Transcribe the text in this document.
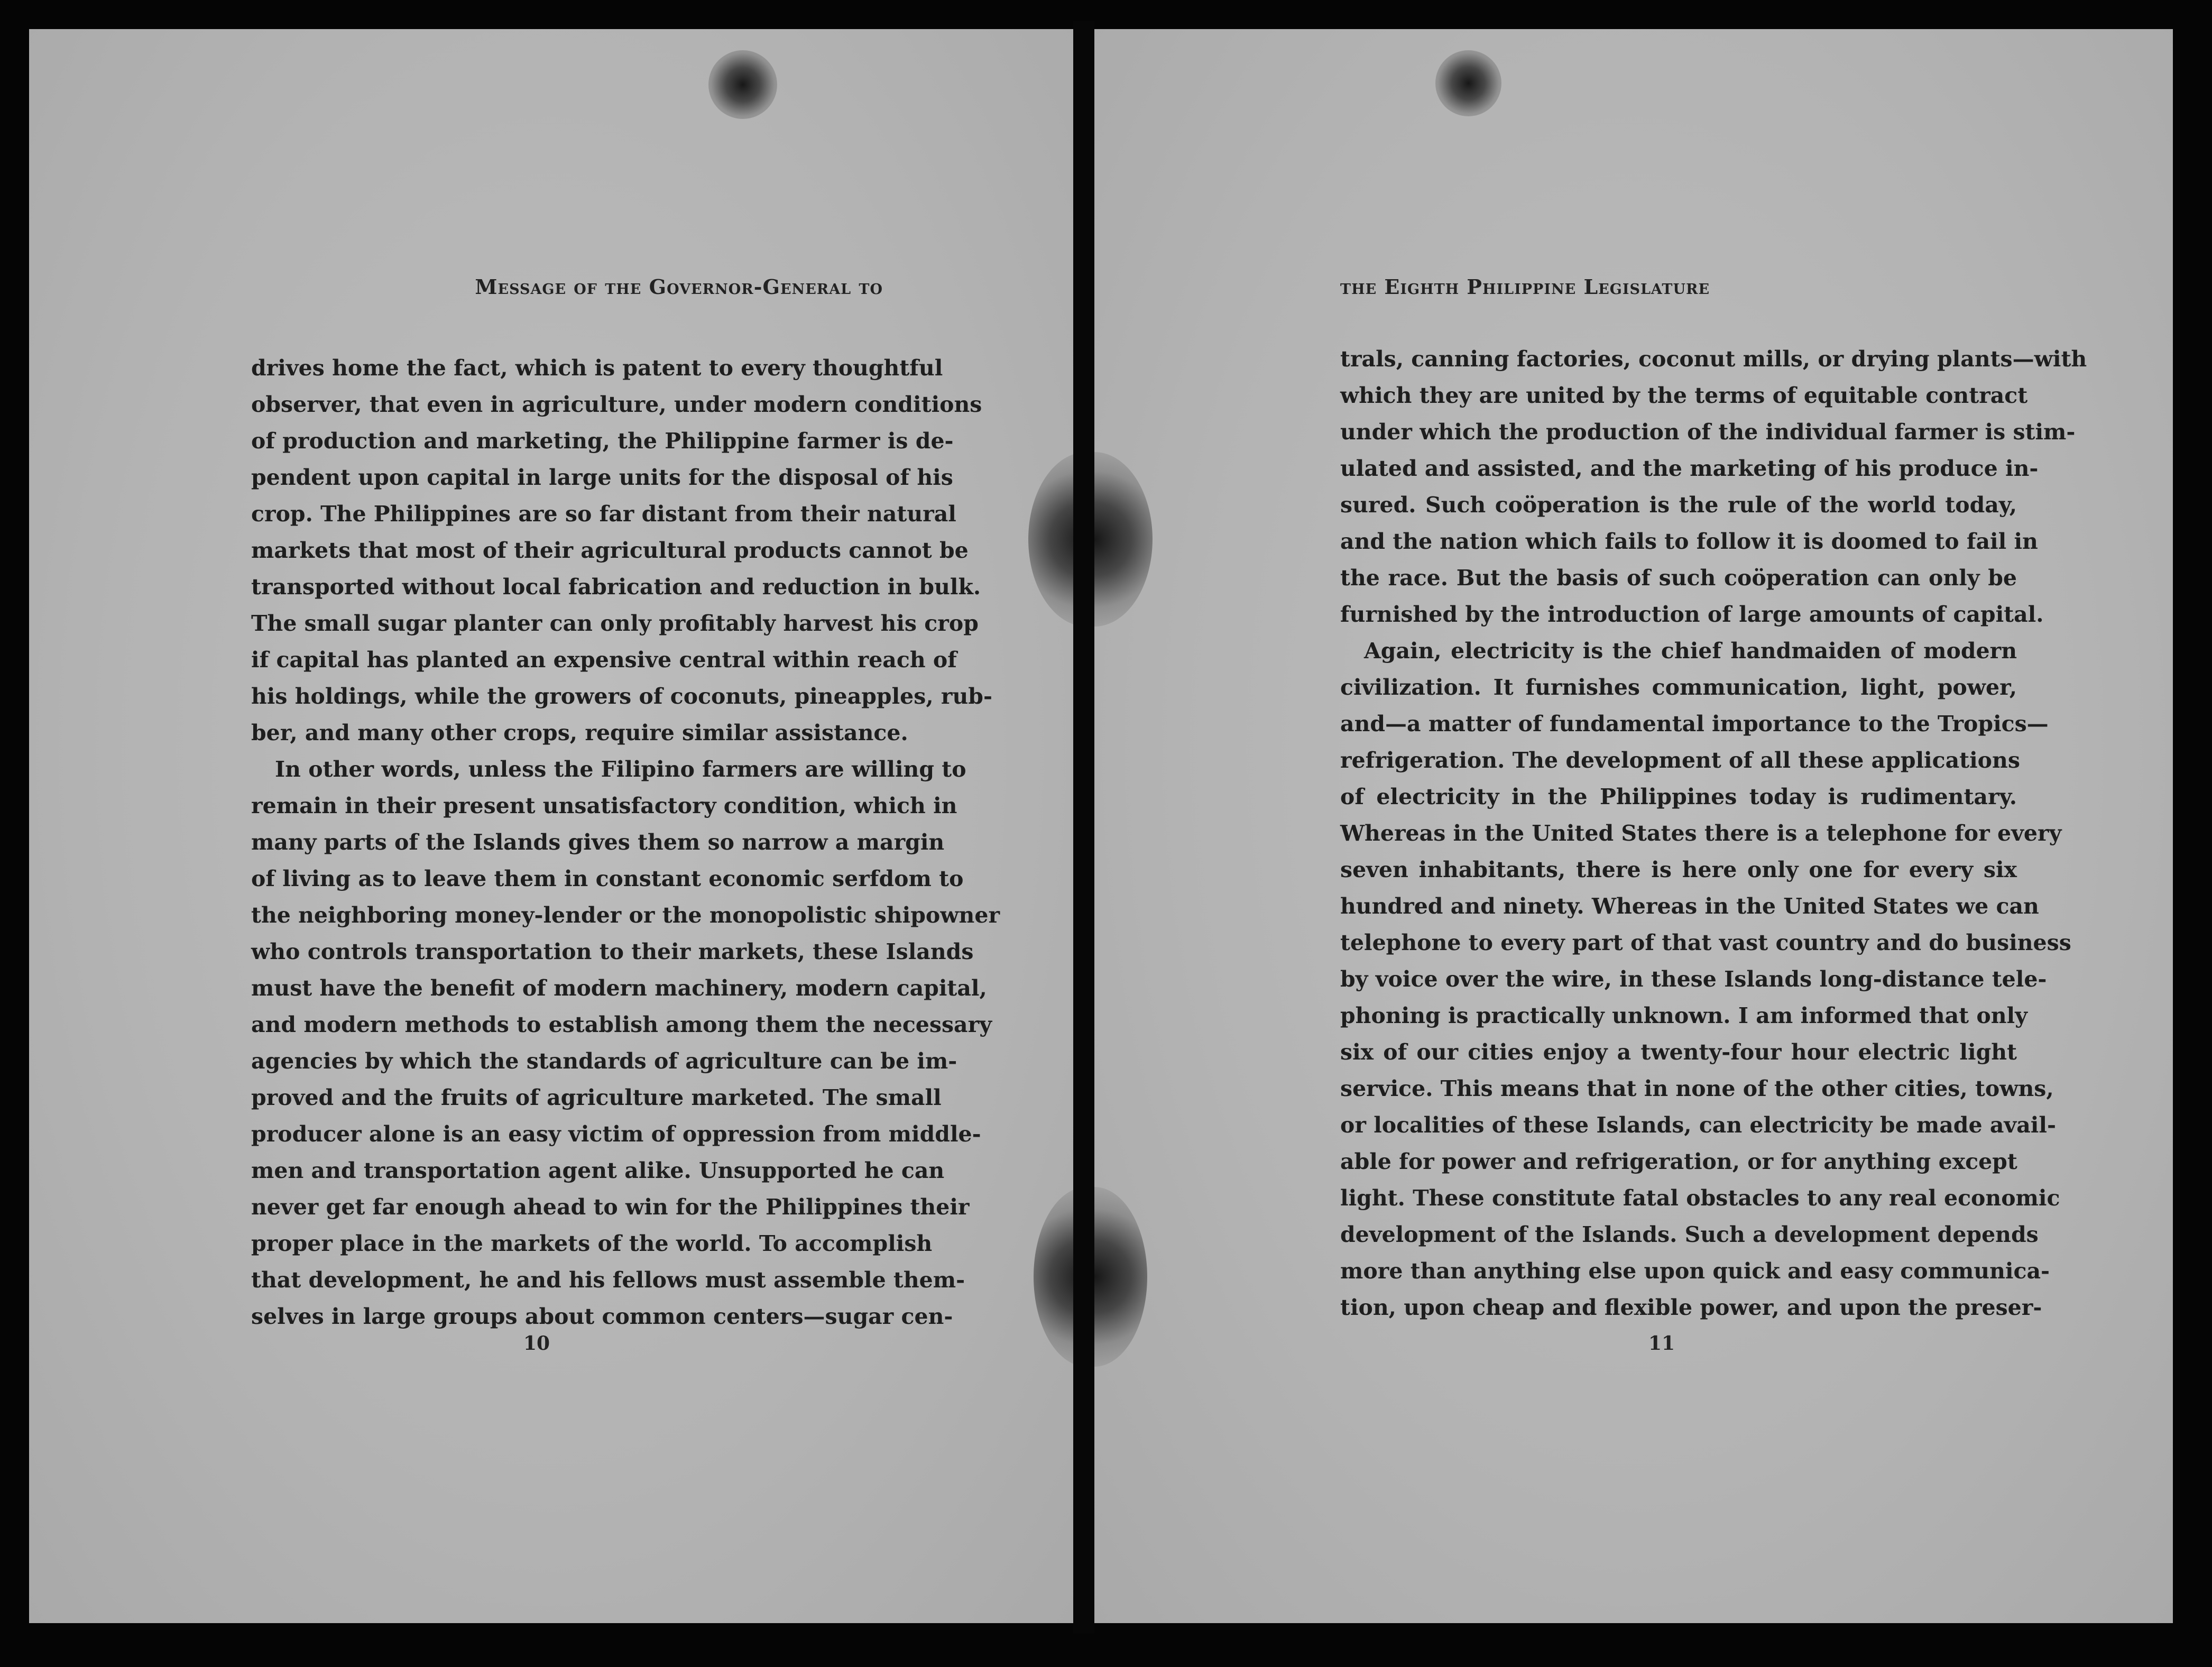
Message of the Governor-General to
drives home the fact, which is patent to every thoughtful
observer, that even in agriculture, under modern conditions
of production and marketing, the Philippine farmer is de-
pendent upon capital in large units for the disposal of his
crop. The Philippines are so far distant from their natural
markets that most of their agricultural products cannot be
transported without local fabrication and reduction in bulk.
The small sugar planter can only profitably harvest his crop
if capital has planted an expensive central within reach of
his holdings, while the growers of coconuts, pineapples, rub-
ber, and many other crops, require similar assistance.
In other words, unless the Filipino farmers are willing to
remain in their present unsatisfactory condition, which in
many parts of the Islands gives them so narrow a margin
of living as to leave them in constant economic serfdom to
the neighboring money-lender or the monopolistic shipowner
who controls transportation to their markets, these Islands
must have the benefit of modern machinery, modern capital,
and modern methods to establish among them the necessary
agencies by which the standards of agriculture can be im-
proved and the fruits of agriculture marketed. The small
producer alone is an easy victim of oppression from middle-
men and transportation agent alike. Unsupported he can
never get far enough ahead to win for the Philippines their
proper place in the markets of the world. To accomplish
that development, he and his fellows must assemble them-
selves in large groups about common centers—sugar cen-
10
the Eighth Philippine Legislature
trals, canning factories, coconut mills, or drying plants—with
which they are united by the terms of equitable contract
under which the production of the individual farmer is stim-
ulated and assisted, and the marketing of his produce in-
sured. Such coöperation is the rule of the world today,
and the nation which fails to follow it is doomed to fail in
the race. But the basis of such coöperation can only be
furnished by the introduction of large amounts of capital.
Again, electricity is the chief handmaiden of modern
civilization. It furnishes communication, light, power,
and—a matter of fundamental importance to the Tropics—
refrigeration. The development of all these applications
of electricity in the Philippines today is rudimentary.
Whereas in the United States there is a telephone for every
seven inhabitants, there is here only one for every six
hundred and ninety. Whereas in the United States we can
telephone to every part of that vast country and do business
by voice over the wire, in these Islands long-distance tele-
phoning is practically unknown. I am informed that only
six of our cities enjoy a twenty-four hour electric light
service. This means that in none of the other cities, towns,
or localities of these Islands, can electricity be made avail-
able for power and refrigeration, or for anything except
light. These constitute fatal obstacles to any real economic
development of the Islands. Such a development depends
more than anything else upon quick and easy communica-
tion, upon cheap and flexible power, and upon the preser-
11
